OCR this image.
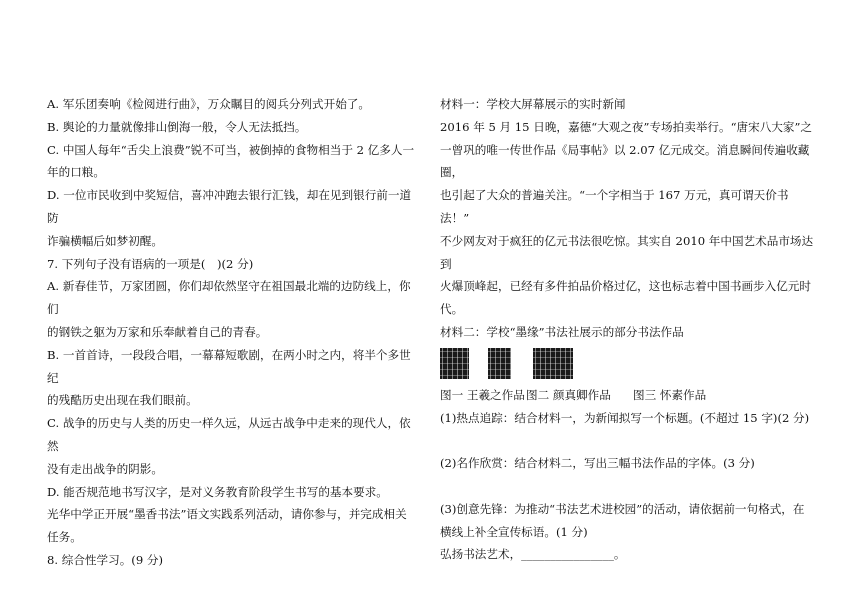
A. 军乐团奏响《检阅进行曲》，万众瞩目的阅兵分列式开始了。

B. 舆论的力量就像排山倒海一般，令人无法抵挡。

C. 中国人每年“舌尖上浪费”锐不可当，被倒掉的食物相当于 2 亿多人一

年的口粮。

D. 一位市民收到中奖短信，喜冲冲跑去银行汇钱，却在见到银行前一道防

诈骗横幅后如梦初醒。

7. 下列句子没有语病的一项是(　)(2 分)

A. 新春佳节，万家团圆，你们却依然坚守在祖国最北端的边防线上，你们

的钢铁之躯为万家和乐奉献着自己的青春。

B. 一首首诗，一段段合唱，一幕幕短歌剧，在两小时之内，将半个多世纪

的残酷历史出现在我们眼前。

C. 战争的历史与人类的历史一样久远，从远古战争中走来的现代人，依然

没有走出战争的阴影。

D. 能否规范地书写汉字，是对义务教育阶段学生书写的基本要求。

光华中学正开展“墨香书法”语文实践系列活动，请你参与，并完成相关

任务。

8. 综合性学习。(9 分)

材料一：学校大屏幕展示的实时新闻

2016 年 5 月 15 日晚，嘉德“大观之夜”专场拍卖举行。“唐宋八大家”之

一曾巩的唯一传世作品《局事帖》以 2.07 亿元成交。消息瞬间传遍收藏圈，

也引起了大众的普遍关注。“一个字相当于 167 万元，真可谓天价书法！”

不少网友对于疯狂的亿元书法很吃惊。其实自 2010 年中国艺术品市场达到

火爆顶峰起，已经有多件拍品价格过亿，这也标志着中国书画步入亿元时

代。

材料二：学校“墨缘”书法社展示的部分书法作品

图一 王羲之作品 图二 颜真卿作品	图三 怀素作品

(1)热点追踪：结合材料一，为新闻拟写一个标题。(不超过 15 字)(2 分)

(2)名作欣赏：结合材料二，写出三幅书法作品的字体。(3 分)

(3)创意先锋：为推动“书法艺术进校园”的活动，请依据前一句格式，在

横线上补全宣传标语。(1 分)

弘扬书法艺术，________________。
